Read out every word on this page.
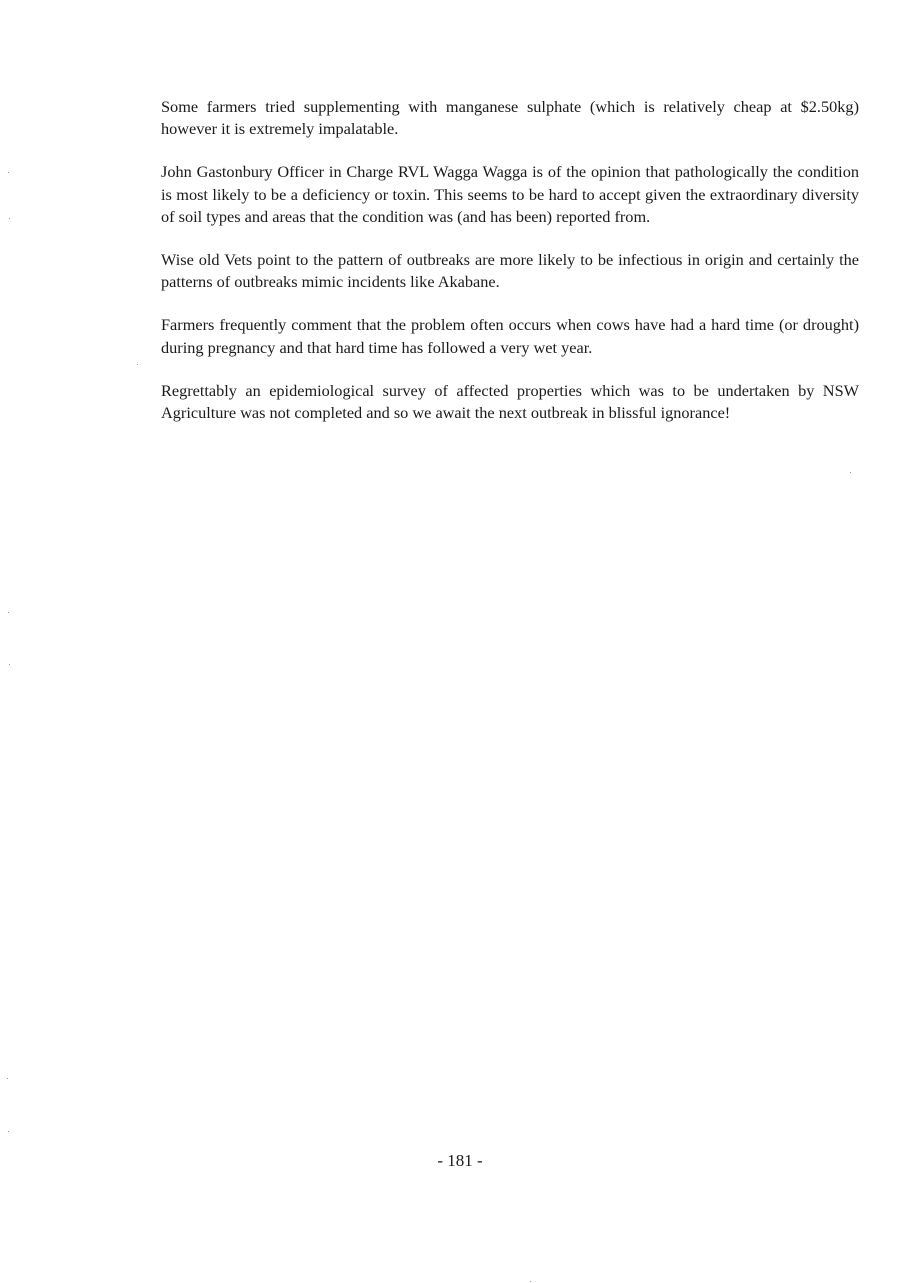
Some farmers tried supplementing with manganese sulphate (which is relatively cheap at $2.50kg) however it is extremely impalatable.

John Gastonbury Officer in Charge RVL Wagga Wagga is of the opinion that pathologically the condition is most likely to be a deficiency or toxin. This seems to be hard to accept given the extraordinary diversity of soil types and areas that the condition was (and has been) reported from.

Wise old Vets point to the pattern of outbreaks are more likely to be infectious in origin and certainly the patterns of outbreaks mimic incidents like Akabane.

Farmers frequently comment that the problem often occurs when cows have had a hard time (or drought) during pregnancy and that hard time has followed a very wet year.

Regrettably an epidemiological survey of affected properties which was to be undertaken by NSW Agriculture was not completed and so we await the next outbreak in blissful ignorance!

- 181 -
